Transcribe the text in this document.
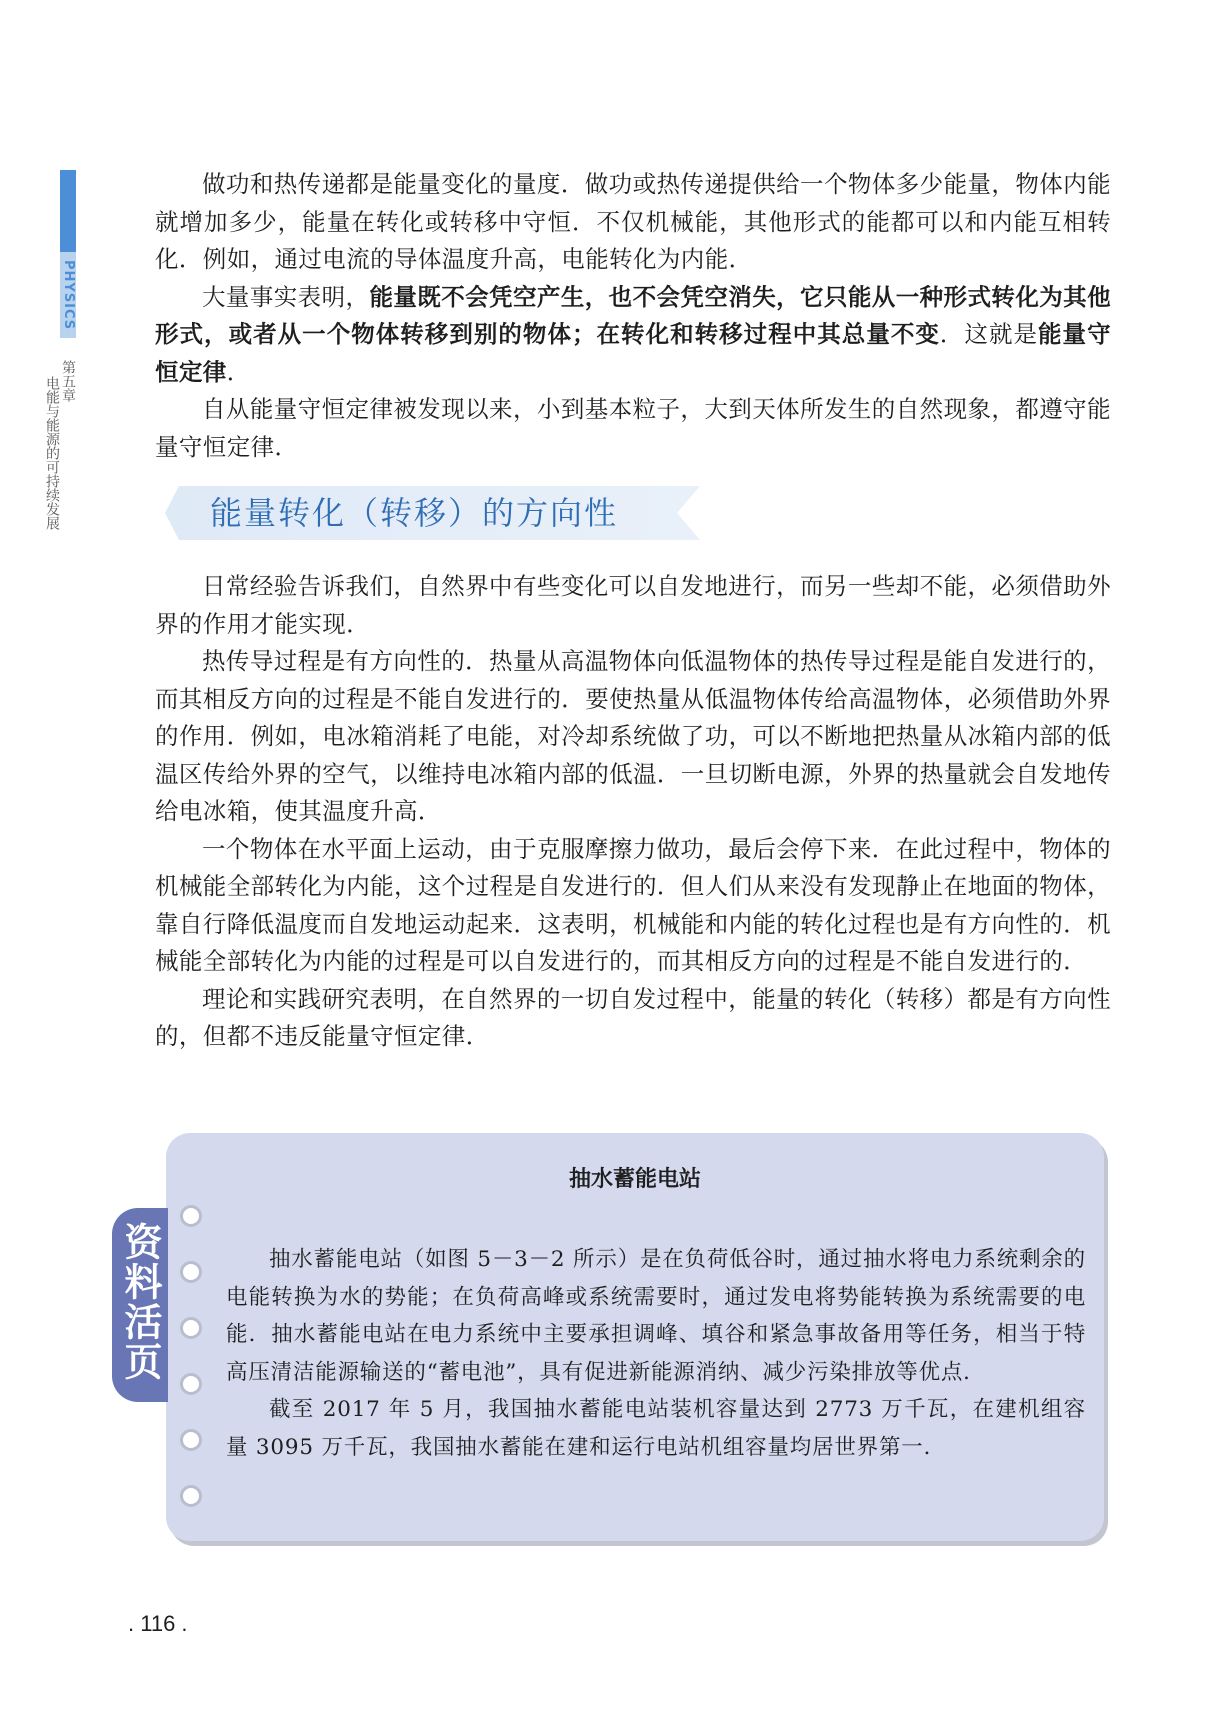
PHYSICS
第五章
电能与能源的可持续发展

做功和热传递都是能量变化的量度．做功或热传递提供给一个物体多少能量，物体内能就增加多少，能量在转化或转移中守恒．不仅机械能，其他形式的能都可以和内能互相转化．例如，通过电流的导体温度升高，电能转化为内能．

大量事实表明，能量既不会凭空产生，也不会凭空消失，它只能从一种形式转化为其他形式，或者从一个物体转移到别的物体；在转化和转移过程中其总量不变．这就是能量守恒定律．

自从能量守恒定律被发现以来，小到基本粒子，大到天体所发生的自然现象，都遵守能量守恒定律．

能量转化（转移）的方向性

日常经验告诉我们，自然界中有些变化可以自发地进行，而另一些却不能，必须借助外界的作用才能实现．

热传导过程是有方向性的．热量从高温物体向低温物体的热传导过程是能自发进行的，而其相反方向的过程是不能自发进行的．要使热量从低温物体传给高温物体，必须借助外界的作用．例如，电冰箱消耗了电能，对冷却系统做了功，可以不断地把热量从冰箱内部的低温区传给外界的空气，以维持电冰箱内部的低温．一旦切断电源，外界的热量就会自发地传给电冰箱，使其温度升高．

一个物体在水平面上运动，由于克服摩擦力做功，最后会停下来．在此过程中，物体的机械能全部转化为内能，这个过程是自发进行的．但人们从来没有发现静止在地面的物体，靠自行降低温度而自发地运动起来．这表明，机械能和内能的转化过程也是有方向性的．机械能全部转化为内能的过程是可以自发进行的，而其相反方向的过程是不能自发进行的．

理论和实践研究表明，在自然界的一切自发过程中，能量的转化（转移）都是有方向性的，但都不违反能量守恒定律．

抽水蓄能电站

抽水蓄能电站（如图 5－3－2 所示）是在负荷低谷时，通过抽水将电力系统剩余的电能转换为水的势能；在负荷高峰或系统需要时，通过发电将势能转换为系统需要的电能．抽水蓄能电站在电力系统中主要承担调峰、填谷和紧急事故备用等任务，相当于特高压清洁能源输送的“蓄电池”，具有促进新能源消纳、减少污染排放等优点．

截至 2017 年 5 月，我国抽水蓄能电站装机容量达到 2773 万千瓦，在建机组容量 3095 万千瓦，我国抽水蓄能在建和运行电站机组容量均居世界第一．

资料活页
. 116 .
